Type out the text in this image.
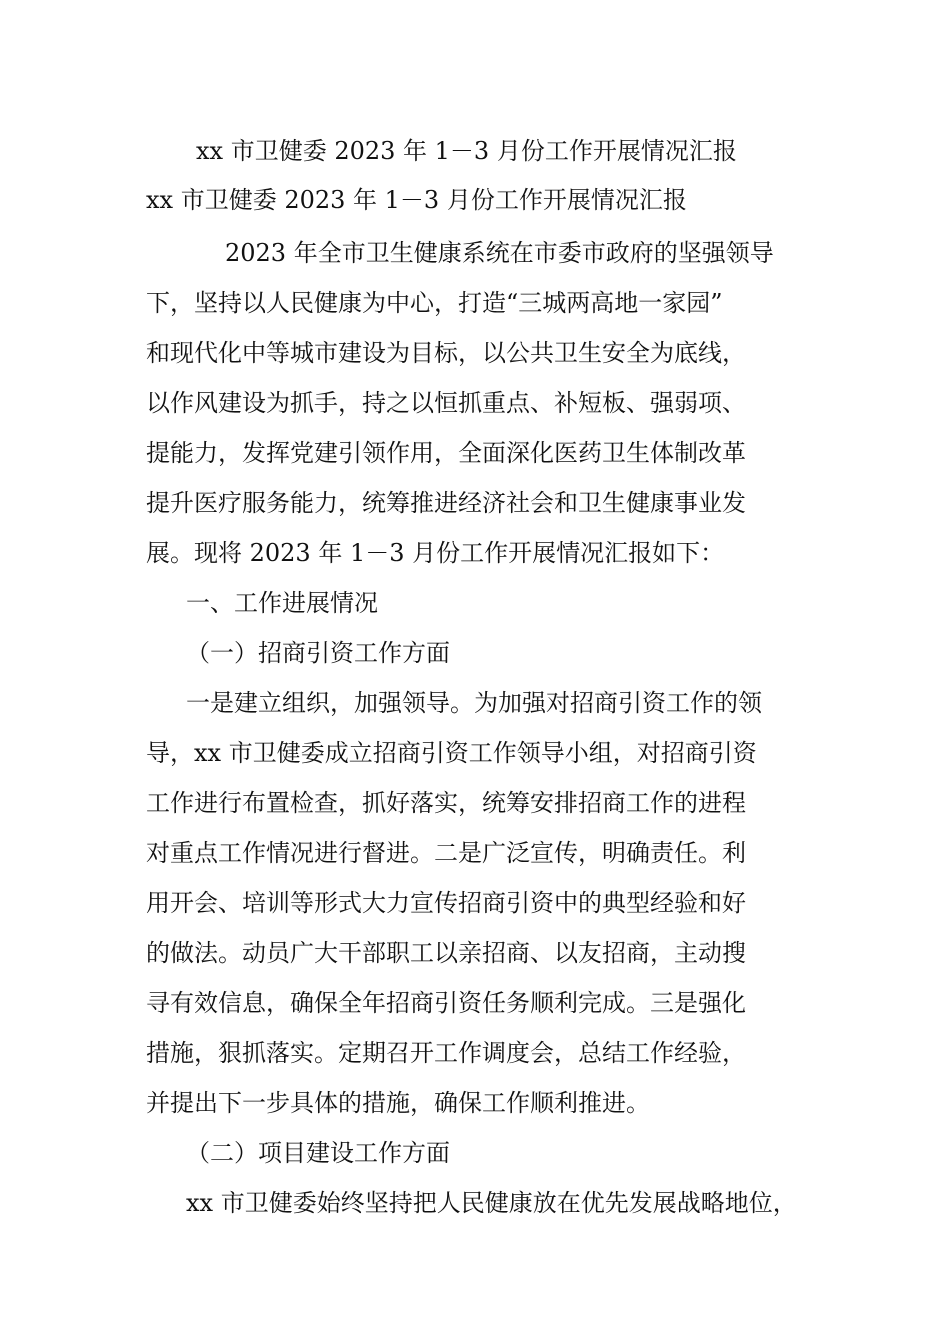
xx 市卫健委 2023 年 1－3 月份工作开展情况汇报
xx 市卫健委 2023 年 1－3 月份工作开展情况汇报
2023 年全市卫生健康系统在市委市政府的坚强领导
下，坚持以人民健康为中心，打造“三城两高地一家园”
和现代化中等城市建设为目标，以公共卫生安全为底线，
以作风建设为抓手，持之以恒抓重点、补短板、强弱项、
提能力，发挥党建引领作用，全面深化医药卫生体制改革
提升医疗服务能力，统筹推进经济社会和卫生健康事业发
展。现将 2023 年 1－3 月份工作开展情况汇报如下：
一、工作进展情况
（一）招商引资工作方面
一是建立组织，加强领导。为加强对招商引资工作的领
导，xx 市卫健委成立招商引资工作领导小组，对招商引资
工作进行布置检查，抓好落实，统筹安排招商工作的进程
对重点工作情况进行督进。二是广泛宣传，明确责任。利
用开会、培训等形式大力宣传招商引资中的典型经验和好
的做法。动员广大干部职工以亲招商、以友招商，主动搜
寻有效信息，确保全年招商引资任务顺利完成。三是强化
措施，狠抓落实。定期召开工作调度会，总结工作经验，
并提出下一步具体的措施，确保工作顺利推进。
（二）项目建设工作方面
xx 市卫健委始终坚持把人民健康放在优先发展战略地位，
